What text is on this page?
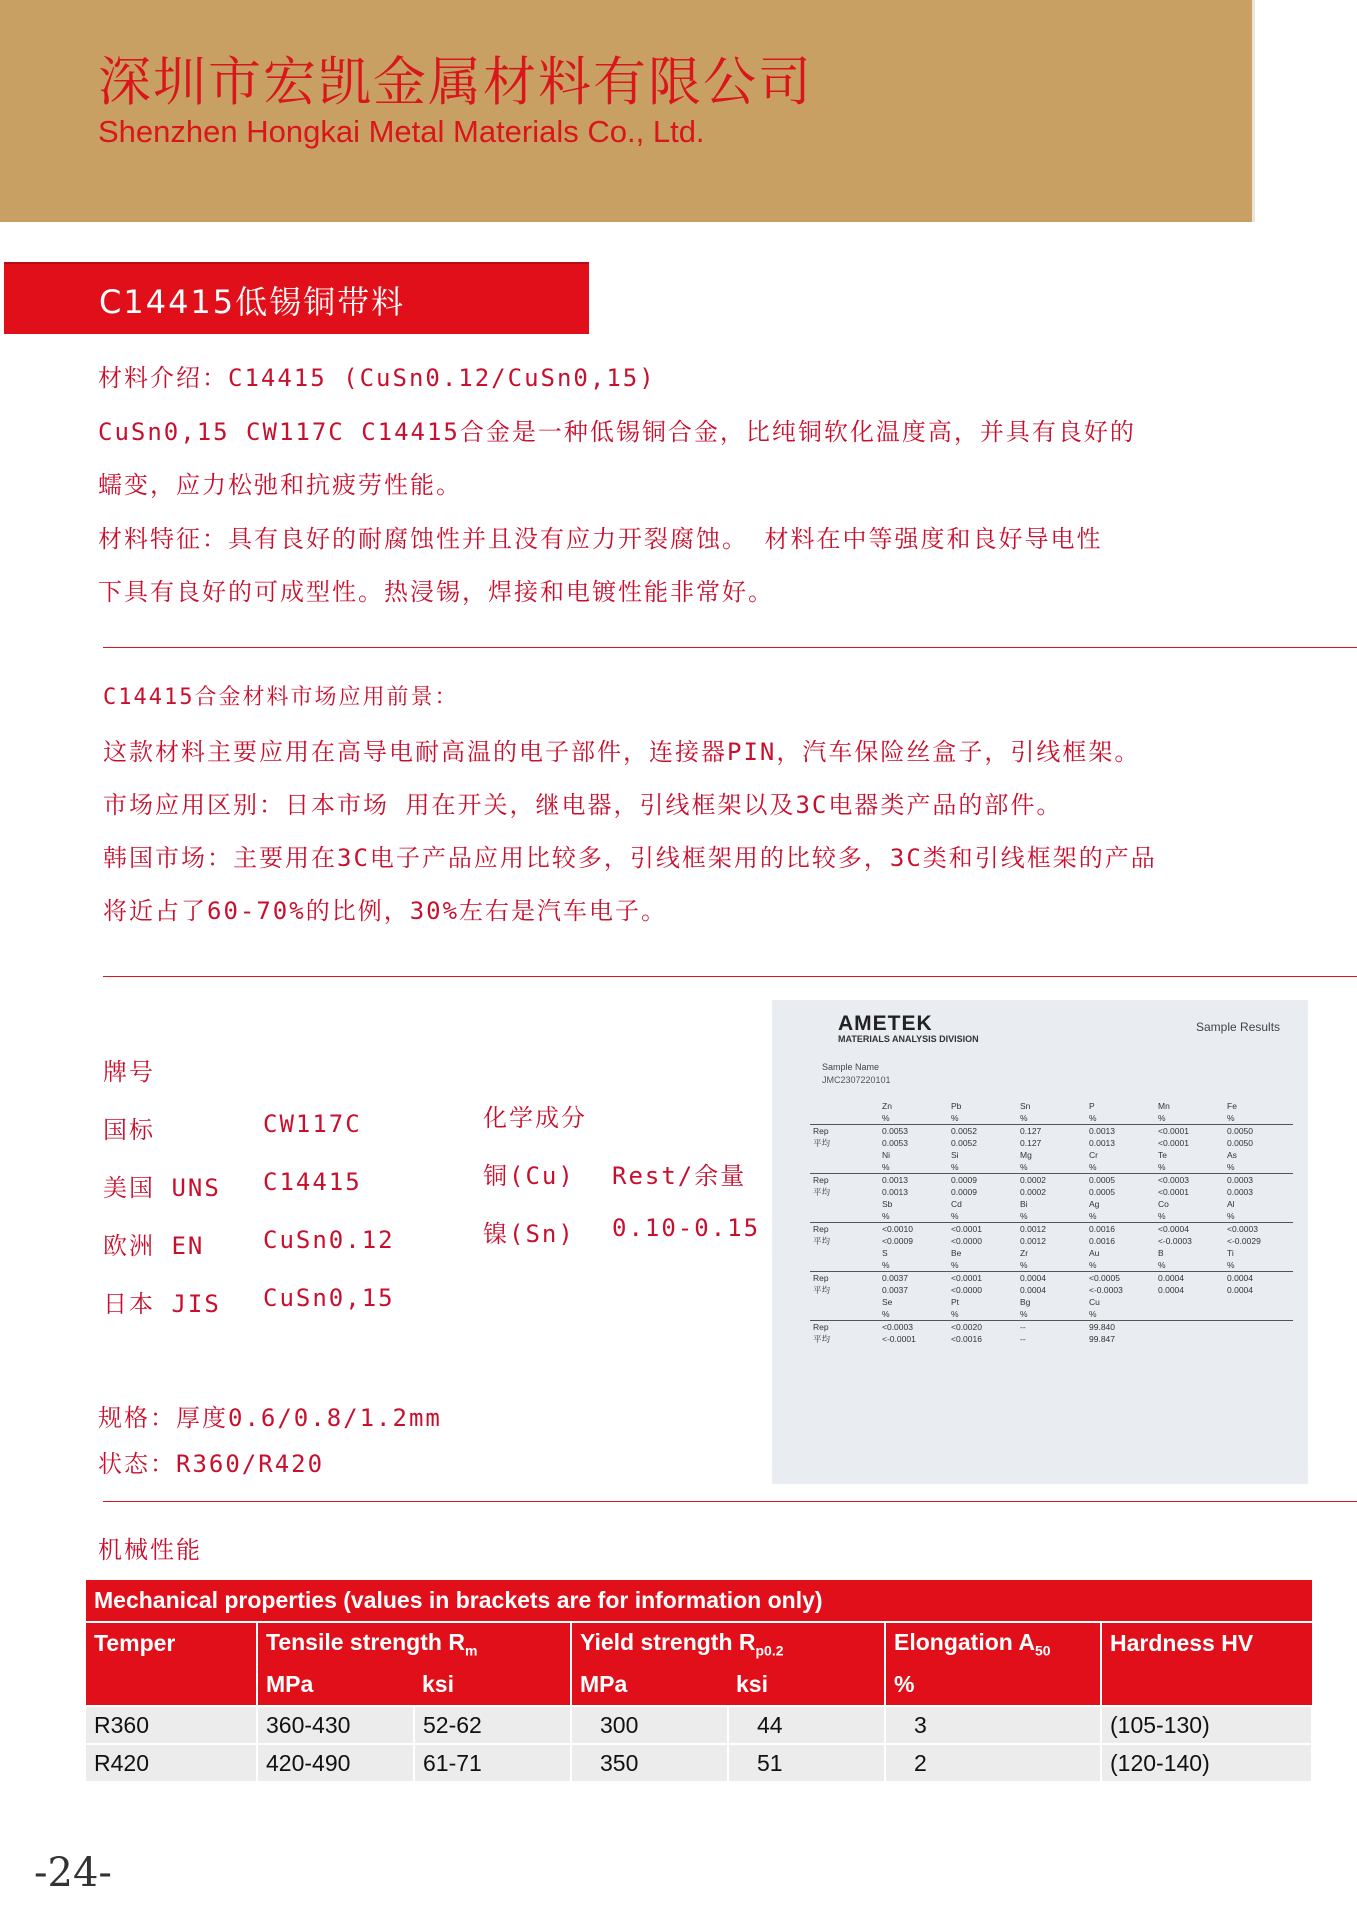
深圳市宏凯金属材料有限公司
Shenzhen Hongkai Metal Materials Co., Ltd.
C14415低锡铜带料
材料介绍：C14415 (CuSn0.12/CuSn0,15)
CuSn0,15 CW117C C14415合金是一种低锡铜合金，比纯铜软化温度高，并具有良好的
蠕变，应力松弛和抗疲劳性能。
材料特征：具有良好的耐腐蚀性并且没有应力开裂腐蚀。 材料在中等强度和良好导电性
下具有良好的可成型性。热浸锡，焊接和电镀性能非常好。
C14415合金材料市场应用前景：
这款材料主要应用在高导电耐高温的电子部件，连接器PIN，汽车保险丝盒子，引线框架。
市场应用区别：日本市场 用在开关，继电器，引线框架以及3C电器类产品的部件。
韩国市场：主要用在3C电子产品应用比较多，引线框架用的比较多，3C类和引线框架的产品
将近占了60-70%的比例，30%左右是汽车电子。
牌号
国标	CW117C
美国 UNS C14415
欧洲 EN CuSn0.12
日本 JIS CuSn0,15
化学成分
铜(Cu) Rest/余量
镍(Sn) 0.10-0.15
规格：厚度0.6/0.8/1.2mm
状态：R360/R420
AMETEK
MATERIALS ANALYSIS DIVISION
Sample Results
Sample Name
JMC2307220101
	Zn	Pb	Sn	P	Mn	Fe
	%	%	%	%	%	%
Rep	0.0053	0.0052	0.127	0.0013	<0.0001	0.0050
平均	0.0053	0.0052	0.127	0.0013	<0.0001	0.0050
	Ni	Si	Mg	Cr	Te	As
	%	%	%	%	%	%
Rep	0.0013	0.0009	0.0002	0.0005	<0.0003	0.0003
平均	0.0013	0.0009	0.0002	0.0005	<0.0001	0.0003
	Sb	Cd	Bi	Ag	Co	Al
	%	%	%	%	%	%
Rep	<0.0010	<0.0001	0.0012	0.0016	<0.0004	<0.0003
平均	<0.0009	<0.0000	0.0012	0.0016	<-0.0003	<-0.0029
	S	Be	Zr	Au	B	Ti
	%	%	%	%	%	%
Rep	0.0037	<0.0001	0.0004	<0.0005	0.0004	0.0004
平均	0.0037	<0.0000	0.0004	<-0.0003	0.0004	0.0004
	Se	Pt	Bg	Cu		
	%	%	%	%		
Rep	<0.0003	<0.0020	--	99.840		
平均	<-0.0001	<0.0016	--	99.847		
机械性能
Mechanical properties (values in brackets are for information only)						
Temper	Tensile strength $R_m$		Yield strength $R_{p0.2}$		Elongation $A_{50}$	Hardness HV
	MPa	ksi	MPa	ksi	%	
R360	360-430	52-62	300	44	3	(105-130)
R420	420-490	61-71	350	51	2	(120-140)
-24-
